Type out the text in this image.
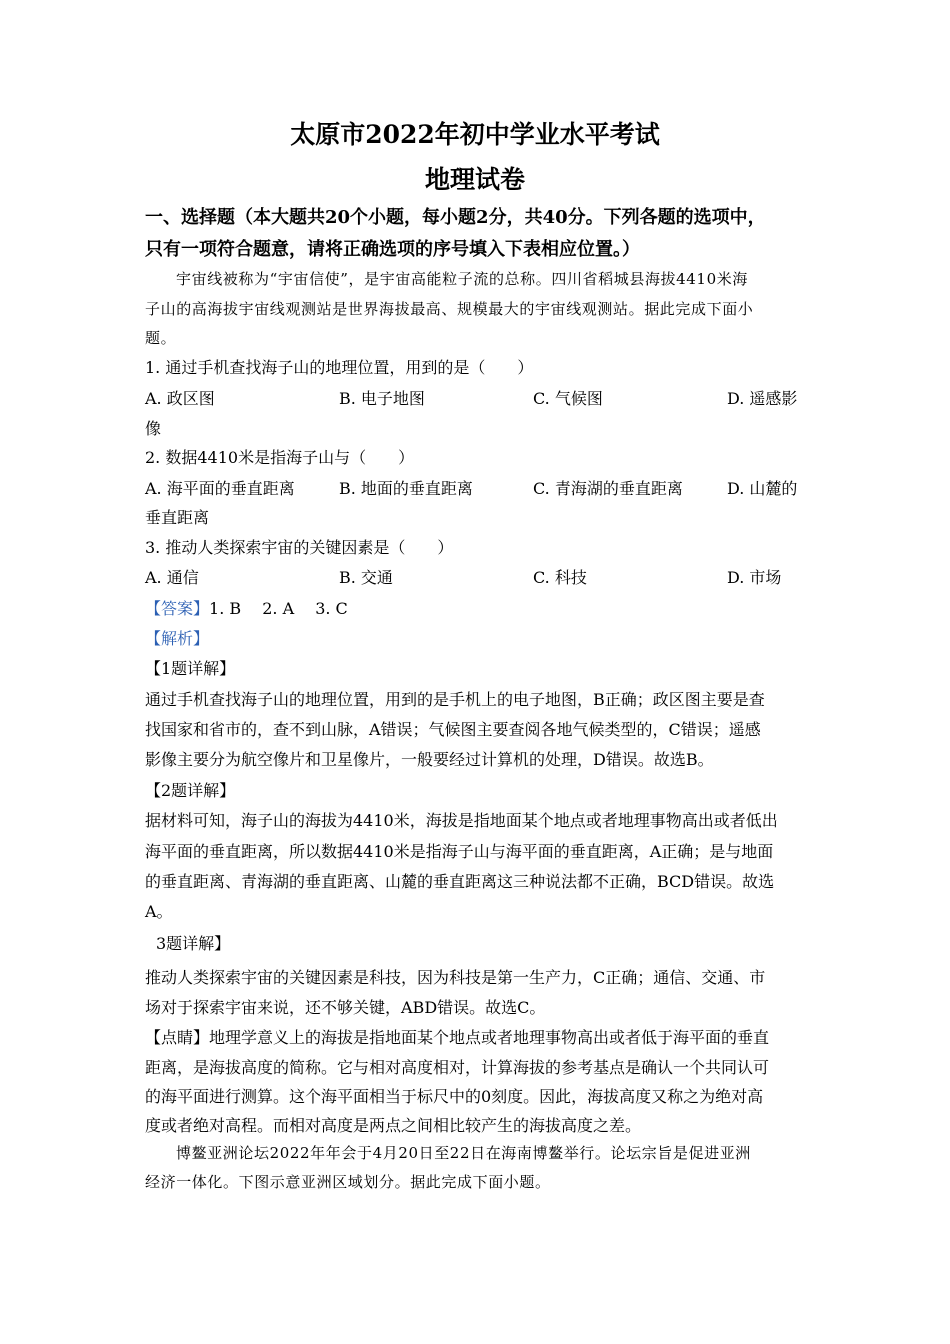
太原市2022年初中学业水平考试
地理试卷
一、选择题（本大题共20个小题，每小题2分，共40分。下列各题的选项中，
只有一项符合题意，请将正确选项的序号填入下表相应位置。）
宇宙线被称为“宇宙信使”，是宇宙高能粒子流的总称。四川省稻城县海拔4410米海
子山的高海拔宇宙线观测站是世界海拔最高、规模最大的宇宙线观测站。据此完成下面小
题。
1. 通过手机查找海子山的地理位置，用到的是（　　）
A. 政区图	B. 电子地图	C. 气候图	D. 遥感影
像
2. 数据4410米是指海子山与（　　）
A. 海平面的垂直距离	B. 地面的垂直距离	C. 青海湖的垂直距离	D. 山麓的
垂直距离
3. 推动人类探索宇宙的关键因素是（　　）
A. 通信	B. 交通	C. 科技	D. 市场
【答案】1. B　 2. A　 3. C
【解析】
【1题详解】
通过手机查找海子山的地理位置，用到的是手机上的电子地图，B正确；政区图主要是查
找国家和省市的，查不到山脉，A错误；气候图主要查阅各地气候类型的，C错误；遥感
影像主要分为航空像片和卫星像片，一般要经过计算机的处理，D错误。故选B。
【2题详解】
据材料可知，海子山的海拔为4410米，海拔是指地面某个地点或者地理事物高出或者低出
海平面的垂直距离，所以数据4410米是指海子山与海平面的垂直距离，A正确；是与地面
的垂直距离、青海湖的垂直距离、山麓的垂直距离这三种说法都不正确，BCD错误。故选
A。
3题详解】
推动人类探索宇宙的关键因素是科技，因为科技是第一生产力，C正确；通信、交通、市
场对于探索宇宙来说，还不够关键，ABD错误。故选C。
【点睛】地理学意义上的海拔是指地面某个地点或者地理事物高出或者低于海平面的垂直
距离，是海拔高度的简称。它与相对高度相对，计算海拔的参考基点是确认一个共同认可
的海平面进行测算。这个海平面相当于标尺中的0刻度。因此，海拔高度又称之为绝对高
度或者绝对高程。而相对高度是两点之间相比较产生的海拔高度之差。
博鳌亚洲论坛2022年年会于4月20日至22日在海南博鳌举行。论坛宗旨是促进亚洲
经济一体化。下图示意亚洲区域划分。据此完成下面小题。
